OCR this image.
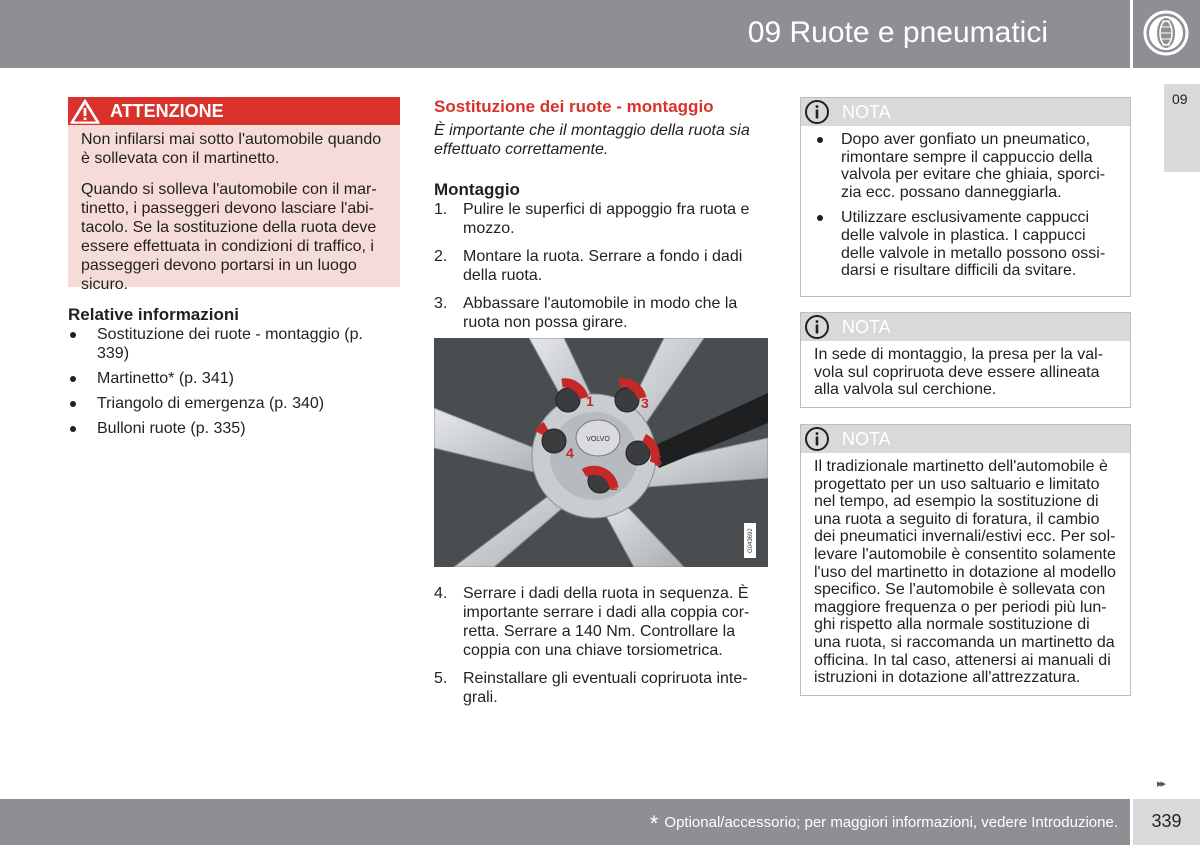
09 Ruote e pneumatici
09
ATTENZIONE

Non infilarsi mai sotto l'automobile quando è sollevata con il martinetto.

Quando si solleva l'automobile con il mar-tinetto, i passeggeri devono lasciare l'abi-tacolo. Se la sostituzione della ruota deve essere effettuata in condizioni di traffico, i passeggeri devono portarsi in un luogo sicuro.

Relative informazioni
Sostituzione dei ruote - montaggio (p. 339)
Martinetto* (p. 341)
Triangolo di emergenza (p. 340)
Bulloni ruote (p. 335)
Sostituzione dei ruote - montaggio

È importante che il montaggio della ruota sia effettuato correttamente.

Montaggio
1. Pulire le superfici di appoggio fra ruota e mozzo.
2. Montare la ruota. Serrare a fondo i dadi della ruota.
3. Abbassare l'automobile in modo che la ruota non possa girare.
VOLVO
1
2
3
4	5
G043692
4. Serrare i dadi della ruota in sequenza. È importante serrare i dadi alla coppia cor-retta. Serrare a 140 Nm. Controllare la coppia con una chiave torsiometrica.
5. Reinstallare gli eventuali copriruota inte-grali.
NOTA
Dopo aver gonfiato un pneumatico, rimontare sempre il cappuccio della valvola per evitare che ghiaia, sporci-zia ecc. possano danneggiarla.
Utilizzare esclusivamente cappucci delle valvole in plastica. I cappucci delle valvole in metallo possono ossi-darsi e risultare difficili da svitare.
NOTA
In sede di montaggio, la presa per la val-vola sul copriruota deve essere allineata alla valvola sul cerchione.
NOTA
Il tradizionale martinetto dell'automobile è progettato per un uso saltuario e limitato nel tempo, ad esempio la sostituzione di una ruota a seguito di foratura, il cambio dei pneumatici invernali/estivi ecc. Per sol-levare l'automobile è consentito solamente l'uso del martinetto in dotazione al modello specifico. Se l'automobile è sollevata con maggiore frequenza o per periodi più lun-ghi rispetto alla normale sostituzione di una ruota, si raccomanda un martinetto da officina. In tal caso, attenersi ai manuali di istruzioni in dotazione all'attrezzatura.
▸▸
* Optional/accessorio; per maggiori informazioni, vedere Introduzione.	339
